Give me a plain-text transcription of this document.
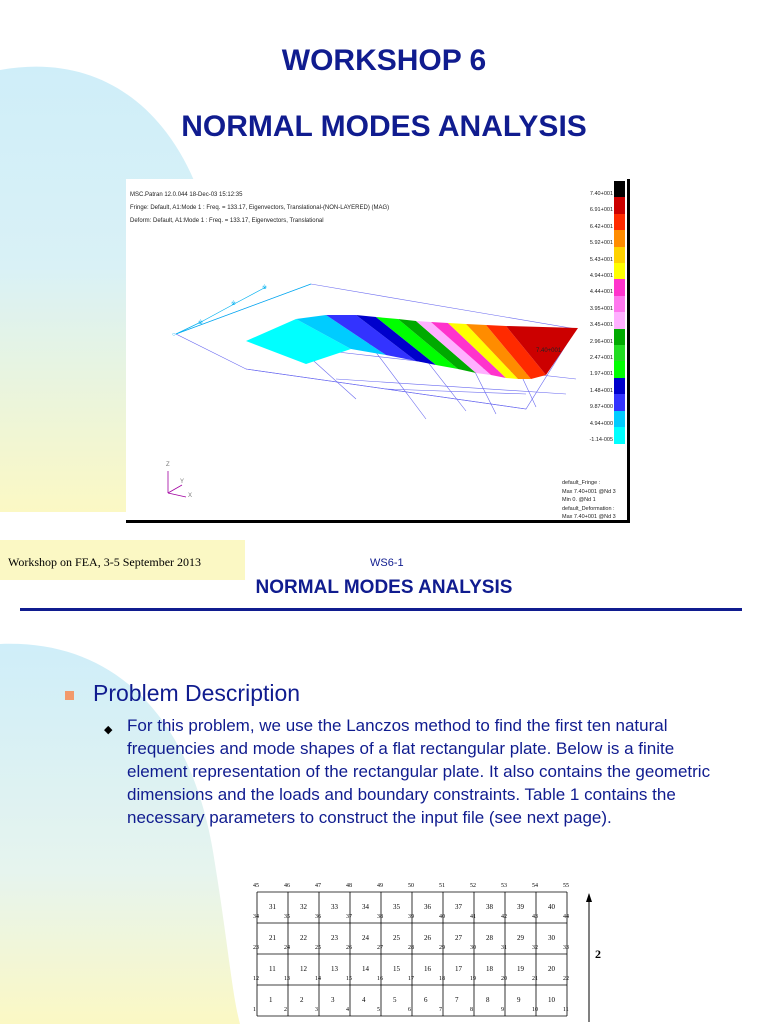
WORKSHOP 6
NORMAL MODES ANALYSIS
MSC.Patran 12.0.044 18-Dec-03 15:12:35
Fringe: Default, A1:Mode 1 : Freq. = 133.17, Eigenvectors, Translational-(NON-LAYERED) (MAG)
Deform: Default, A1:Mode 1 : Freq. = 133.17, Eigenvectors, Translational
○
※
※
※
Z
Y
X
7.40+001
7.40+001
6.91+001
6.42+001
5.92+001
5.43+001
4.94+001
4.44+001
3.95+001
3.45+001
2.96+001
2.47+001
1.97+001
1.48+001
9.87+000
4.94+000
-1.14-005
default_Fringe :
Max 7.40+001 @Nd 3
Min 0. @Nd 1
default_Deformation :
Max 7.40+001 @Nd 3
Workshop on FEA, 3-5 September 2013	WS6-1
NORMAL MODES ANALYSIS
Problem Description
◆ For this problem, we use the Lanczos method to find the first ten natural frequencies and mode shapes of a flat rectangular plate. Below is a finite element representation of the rectangular plate. It also contains the geometric dimensions and the loads and boundary constraints. Table 1 contains the necessary parameters to construct the input file (see next page).
45	46	47	48	49	50	51	52	53	54	55
34	35	36	37	38	39	40	41	42	43	44
23	24	25	26	27	28	29	30	31	32	33
12	13	14	15	16	17	18	19	20	21	22
1	2	3	4	5	6	7	8	9	10	11
31	32	33	34	35	36	37	38	39	40
21	22	23	24	25	26	27	28	29	30
11	12	13	14	15	16	17	18	19	20
1	2	3	4	5	6	7	8	9	10
2
